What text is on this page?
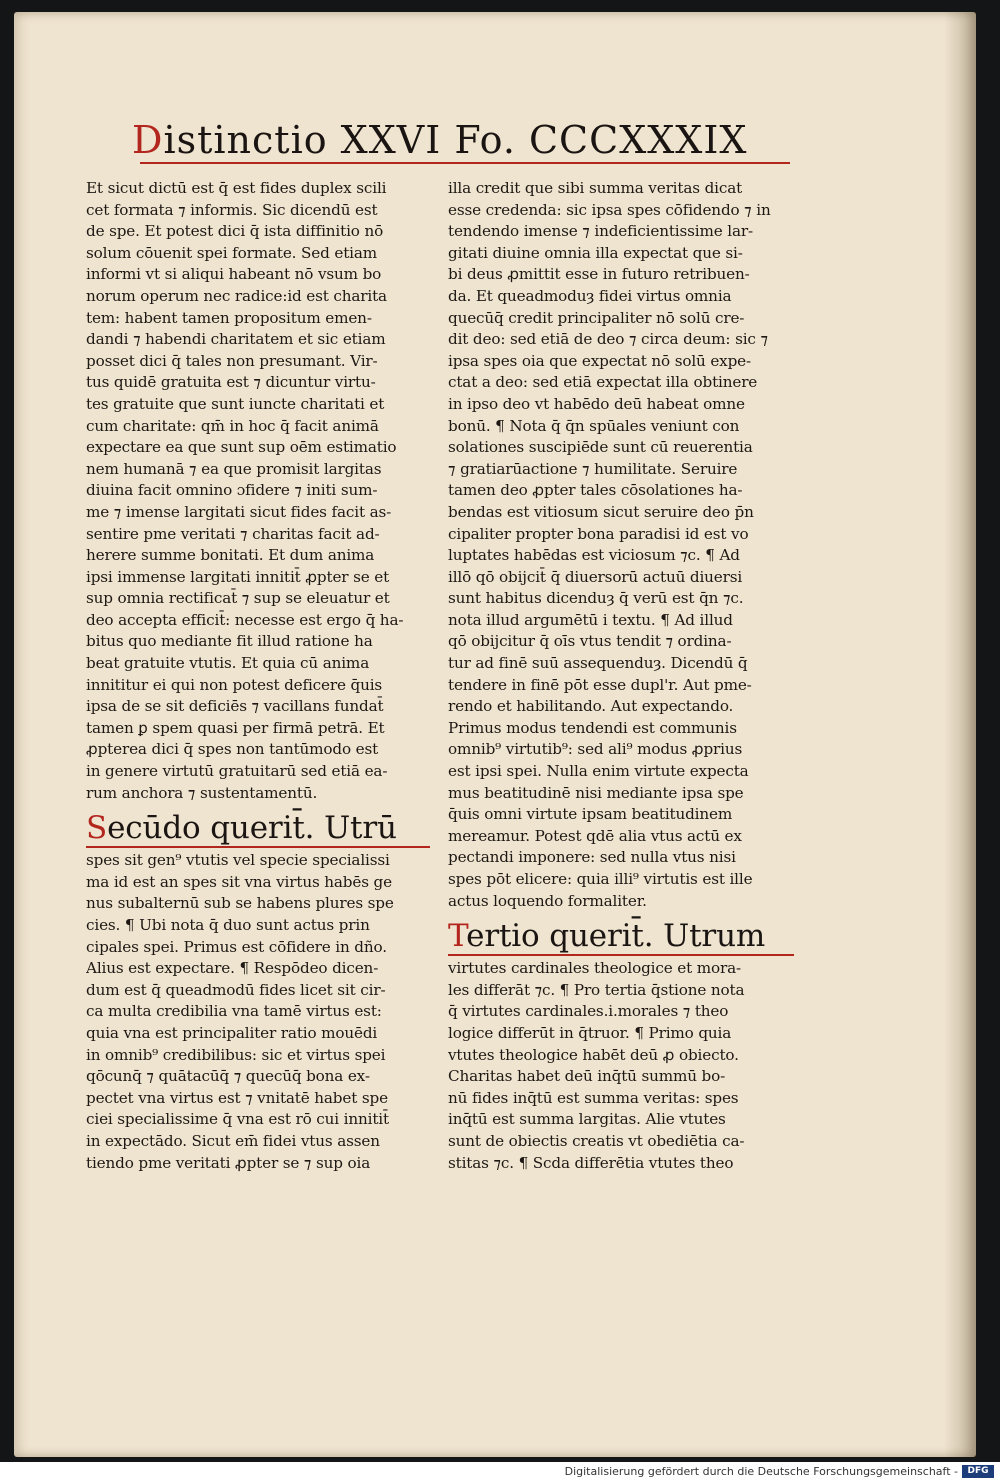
Distinctio XXVI Fo. CCCXXXIX
Et sicut dictū est q̄ est fides duplex scili
cet formata ⁊ informis. Sic dicendū est
de spe. Et potest dici q̄ ista diffinitio nō
solum cōuenit spei formate. Sed etiam
informi vt si aliqui habeant nō vsum bo
norum operum nec radice:id est charita
tem: habent tamen propositum emen-
dandi ⁊ habendi charitatem et sic etiam
posset dici q̄ tales non presumant. Vir-
tus quidē gratuita est ⁊ dicuntur virtu-
tes gratuite que sunt iuncte charitati et
cum charitate: qm̄ in hoc q̄ facit animā
expectare ea que sunt sup oēm estimatio
nem humanā ⁊ ea que promisit largitas
diuina facit omnino ɔfidere ⁊ initi sum-
me ⁊ imense largitati sicut fides facit as-
sentire pme veritati ⁊ charitas facit ad-
herere summe bonitati. Et dum anima
ipsi immense largitati innitit̄ ꝓpter se et
sup omnia rectificat̄ ⁊ sup se eleuatur et
deo accepta efficit̄: necesse est ergo q̄ ha-
bitus quo mediante fit illud ratione ha
beat gratuite vtutis. Et quia cū anima
innititur ei qui non potest deficere q̄uis
ipsa de se sit deficiēs ⁊ vacillans fundat̄
tamen ꝑ spem quasi per firmā petrā. Et
ꝓpterea dici q̄ spes non tantūmodo est
in genere virtutū gratuitarū sed etiā ea-
rum anchora ⁊ sustentamentū.
Secūdo querit̄. Utrū
spes sit gen⁹ vtutis vel specie specialissi
ma id est an spes sit vna virtus habēs ge
nus subalternū sub se habens plures spe
cies. ¶ Ubi nota q̄ duo sunt actus prin
cipales spei. Primus est cōfidere in dño.
Alius est expectare. ¶ Respōdeo dicen-
dum est q̄ queadmodū fides licet sit cir-
ca multa credibilia vna tamē virtus est:
quia vna est principaliter ratio mouēdi
in omnib⁹ credibilibus: sic et virtus spei
qōcunq̄ ⁊ quātacūq̄ ⁊ quecūq̄ bona ex-
pectet vna virtus est ⁊ vnitatē habet spe
ciei specialissime q̄ vna est rō cui innitit̄
in expectādo. Sicut em̄ fidei vtus assen
tiendo pme veritati ꝓpter se ⁊ sup oia
illa credit que sibi summa veritas dicat
esse credenda: sic ipsa spes cōfidendo ⁊ in
tendendo imense ⁊ indeficientissime lar-
gitati diuine omnia illa expectat que si-
bi deus ꝓmittit esse in futuro retribuen-
da. Et queadmoduȝ fidei virtus omnia
quecūq̄ credit principaliter nō solū cre-
dit deo: sed etiā de deo ⁊ circa deum: sic ⁊
ipsa spes oia que expectat nō solū expe-
ctat a deo: sed etiā expectat illa obtinere
in ipso deo vt habēdo deū habeat omne
bonū. ¶ Nota q̄ q̄n spūales veniunt con
solationes suscipiēde sunt cū reuerentia
⁊ gratiarūactione ⁊ humilitate. Seruire
tamen deo ꝓpter tales cōsolationes ha-
bendas est vitiosum sicut seruire deo p̄n
cipaliter propter bona paradisi id est vo
luptates habēdas est viciosum ⁊c. ¶ Ad
illō qō obijcit̄ q̄ diuersorū actuū diuersi
sunt habitus dicenduȝ q̄ verū est q̄n ⁊c.
nota illud argumētū i textu. ¶ Ad illud
qō obijcitur q̄ oīs vtus tendit ⁊ ordina-
tur ad finē suū assequenduȝ. Dicendū q̄
tendere in finē pōt esse dupl'r. Aut pme-
rendo et habilitando. Aut expectando.
Primus modus tendendi est communis
omnib⁹ virtutib⁹: sed ali⁹ modus ꝓprius
est ipsi spei. Nulla enim virtute expecta
mus beatitudinē nisi mediante ipsa spe
q̄uis omni virtute ipsam beatitudinem
mereamur. Potest qdē alia vtus actū ex
pectandi imponere: sed nulla vtus nisi
spes pōt elicere: quia illi⁹ virtutis est ille
actus loquendo formaliter.
Tertio querit̄. Utrum
virtutes cardinales theologice et mora-
les differāt ⁊c. ¶ Pro tertia q̄stione nota
q̄ virtutes cardinales.i.morales ⁊ theo
logice differūt in q̄truor. ¶ Primo quia
vtutes theologice habēt deū ꝓ obiecto.
Charitas habet deū inq̄tū summū bo-
nū fides inq̄tū est summa veritas: spes
inq̄tū est summa largitas. Alie vtutes
sunt de obiectis creatis vt obediētia ca-
stitas ⁊c. ¶ Scda differētia vtutes theo
Digitalisierung gefördert durch die Deutsche Forschungsgemeinschaft -	DFG
